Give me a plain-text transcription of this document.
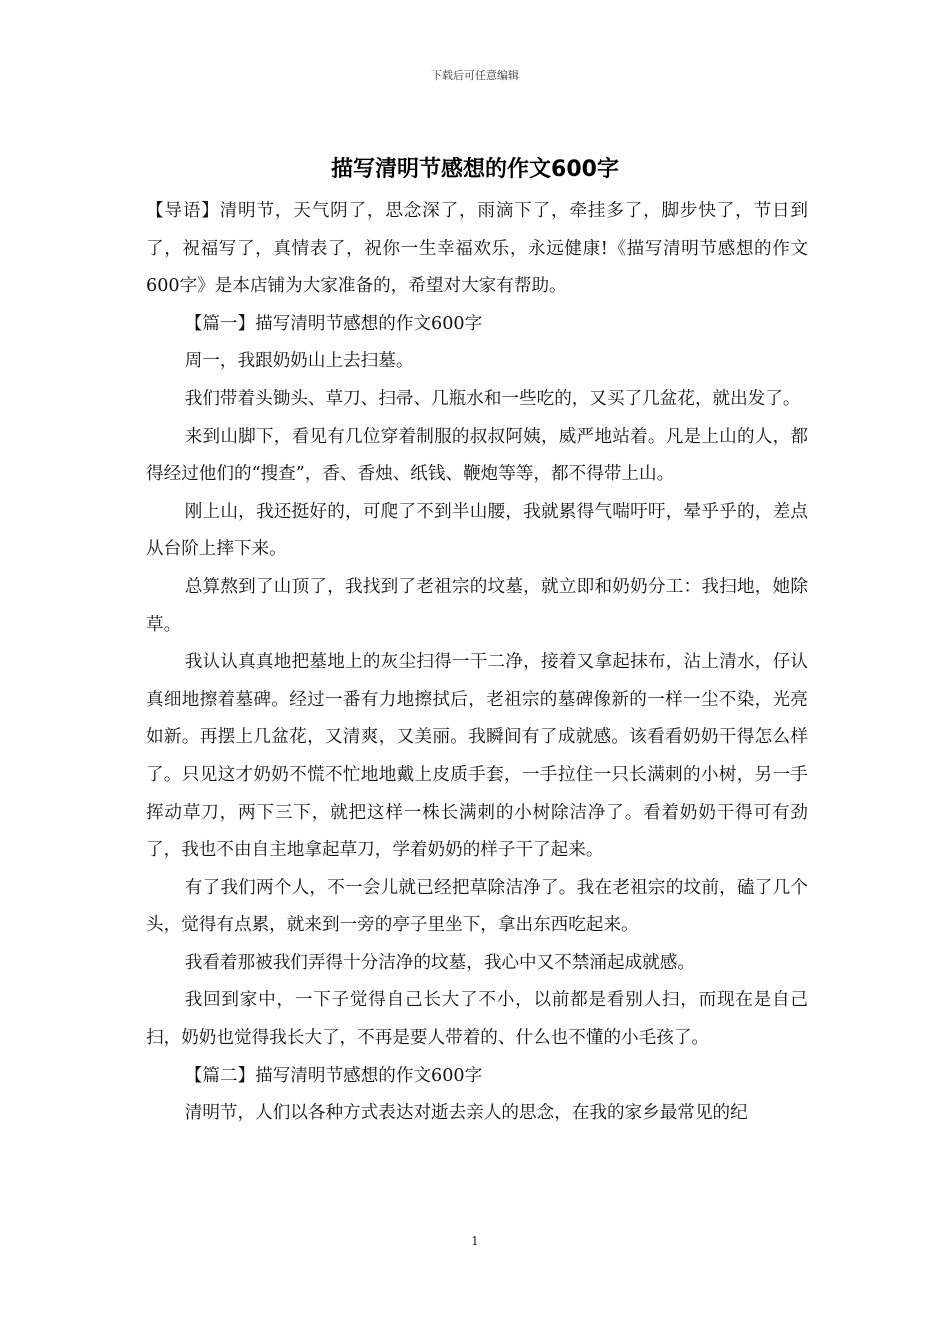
下载后可任意编辑
描写清明节感想的作文600字

【导语】清明节，天气阴了，思念深了，雨滴下了，牵挂多了，脚步快了，节日到了，祝福写了，真情表了，祝你一生幸福欢乐，永远健康!《描写清明节感想的作文600字》是本店铺为大家准备的，希望对大家有帮助。

【篇一】描写清明节感想的作文600字

周一，我跟奶奶山上去扫墓。

我们带着头锄头、草刀、扫帚、几瓶水和一些吃的，又买了几盆花，就出发了。

来到山脚下，看见有几位穿着制服的叔叔阿姨，威严地站着。凡是上山的人，都得经过他们的“搜查”，香、香烛、纸钱、鞭炮等等，都不得带上山。

刚上山，我还挺好的，可爬了不到半山腰，我就累得气喘吁吁，晕乎乎的，差点从台阶上摔下来。

总算熬到了山顶了，我找到了老祖宗的坟墓，就立即和奶奶分工：我扫地，她除草。

我认认真真地把墓地上的灰尘扫得一干二净，接着又拿起抹布，沾上清水，仔认真细地擦着墓碑。经过一番有力地擦拭后，老祖宗的墓碑像新的一样一尘不染，光亮如新。再摆上几盆花，又清爽，又美丽。我瞬间有了成就感。该看看奶奶干得怎么样了。只见这才奶奶不慌不忙地地戴上皮质手套，一手拉住一只长满刺的小树，另一手挥动草刀，两下三下，就把这样一株长满刺的小树除洁净了。看着奶奶干得可有劲了，我也不由自主地拿起草刀，学着奶奶的样子干了起来。

有了我们两个人，不一会儿就已经把草除洁净了。我在老祖宗的坟前，磕了几个头，觉得有点累，就来到一旁的亭子里坐下，拿出东西吃起来。

我看着那被我们弄得十分洁净的坟墓，我心中又不禁涌起成就感。

我回到家中，一下子觉得自己长大了不小，以前都是看别人扫，而现在是自己扫，奶奶也觉得我长大了，不再是要人带着的、什么也不懂的小毛孩了。

【篇二】描写清明节感想的作文600字

清明节，人们以各种方式表达对逝去亲人的思念，在我的家乡最常见的纪

1
